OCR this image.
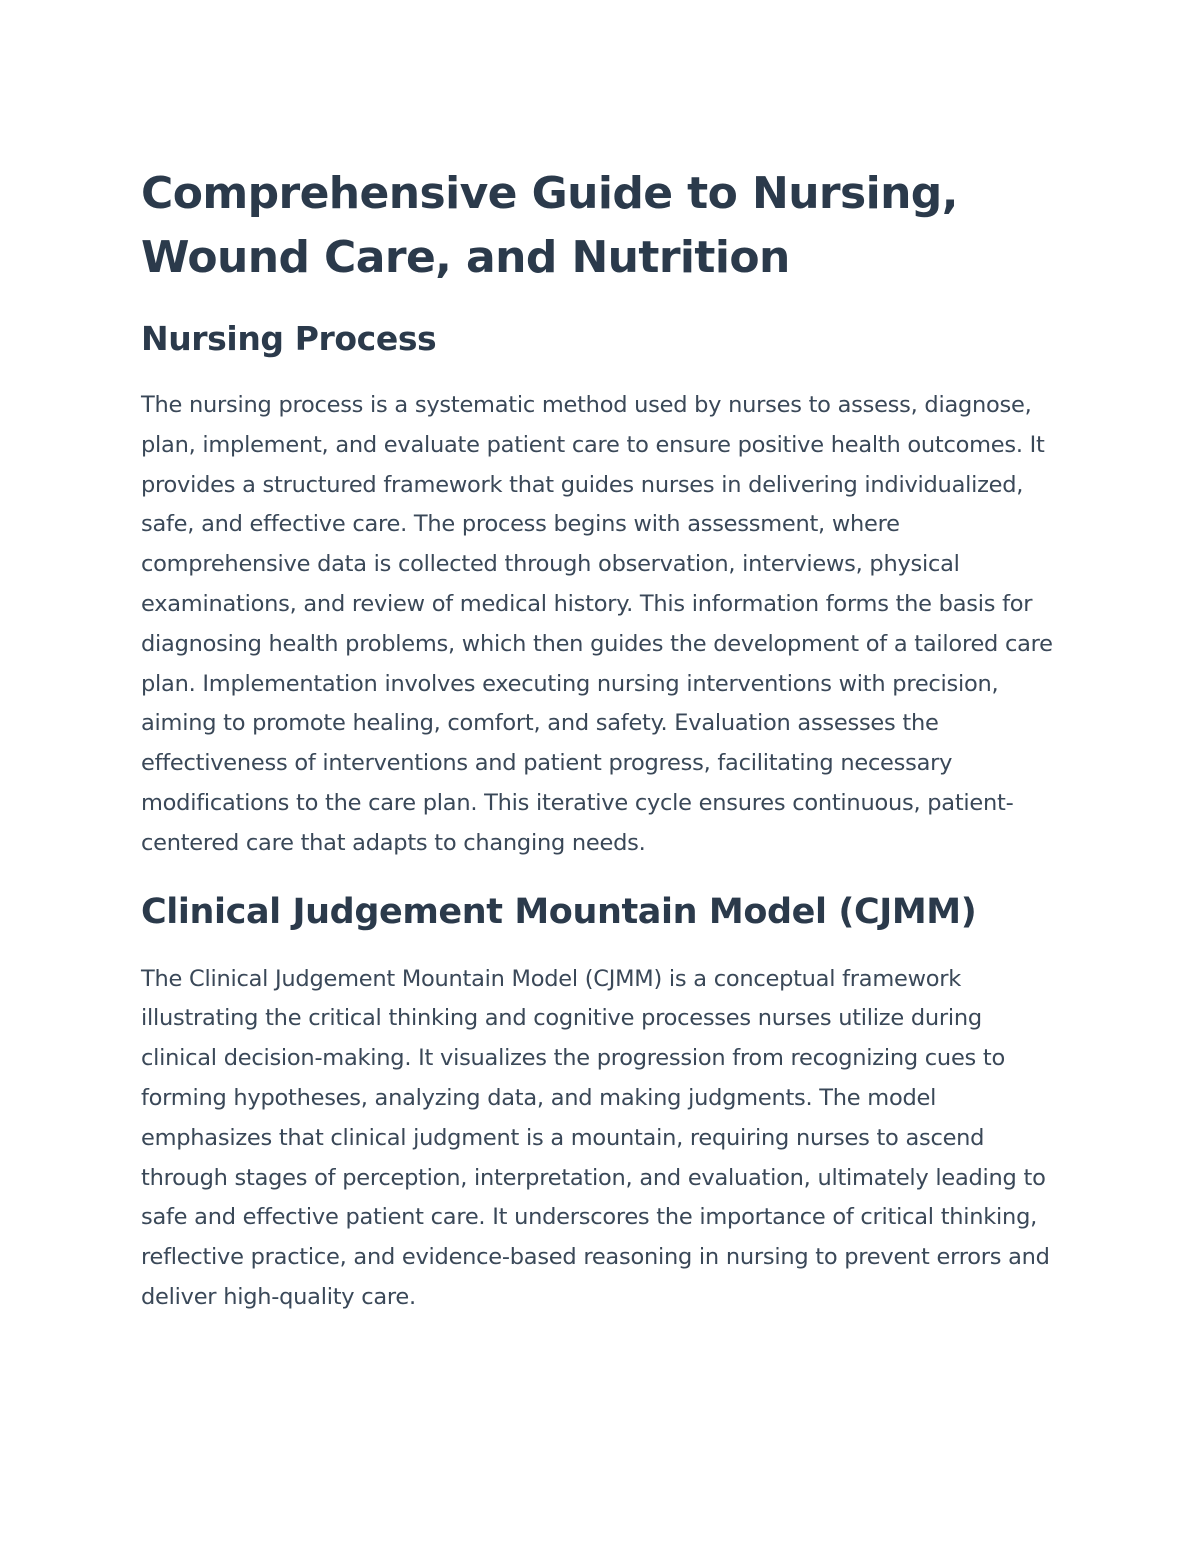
Comprehensive Guide to Nursing,
Wound Care, and Nutrition
Nursing Process

The nursing process is a systematic method used by nurses to assess, diagnose, plan, implement, and evaluate patient care to ensure positive health outcomes. It provides a structured framework that guides nurses in delivering individualized, safe, and effective care. The process begins with assessment, where comprehensive data is collected through observation, interviews, physical examinations, and review of medical history. This information forms the basis for diagnosing health problems, which then guides the development of a tailored care plan. Implementation involves executing nursing interventions with precision, aiming to promote healing, comfort, and safety. Evaluation assesses the effectiveness of interventions and patient progress, facilitating necessary modifications to the care plan. This iterative cycle ensures continuous, patient-centered care that adapts to changing needs.

Clinical Judgement Mountain Model (CJMM)

The Clinical Judgement Mountain Model (CJMM) is a conceptual framework illustrating the critical thinking and cognitive processes nurses utilize during clinical decision-making. It visualizes the progression from recognizing cues to forming hypotheses, analyzing data, and making judgments. The model emphasizes that clinical judgment is a mountain, requiring nurses to ascend through stages of perception, interpretation, and evaluation, ultimately leading to safe and effective patient care. It underscores the importance of critical thinking, reflective practice, and evidence-based reasoning in nursing to prevent errors and deliver high-quality care.
